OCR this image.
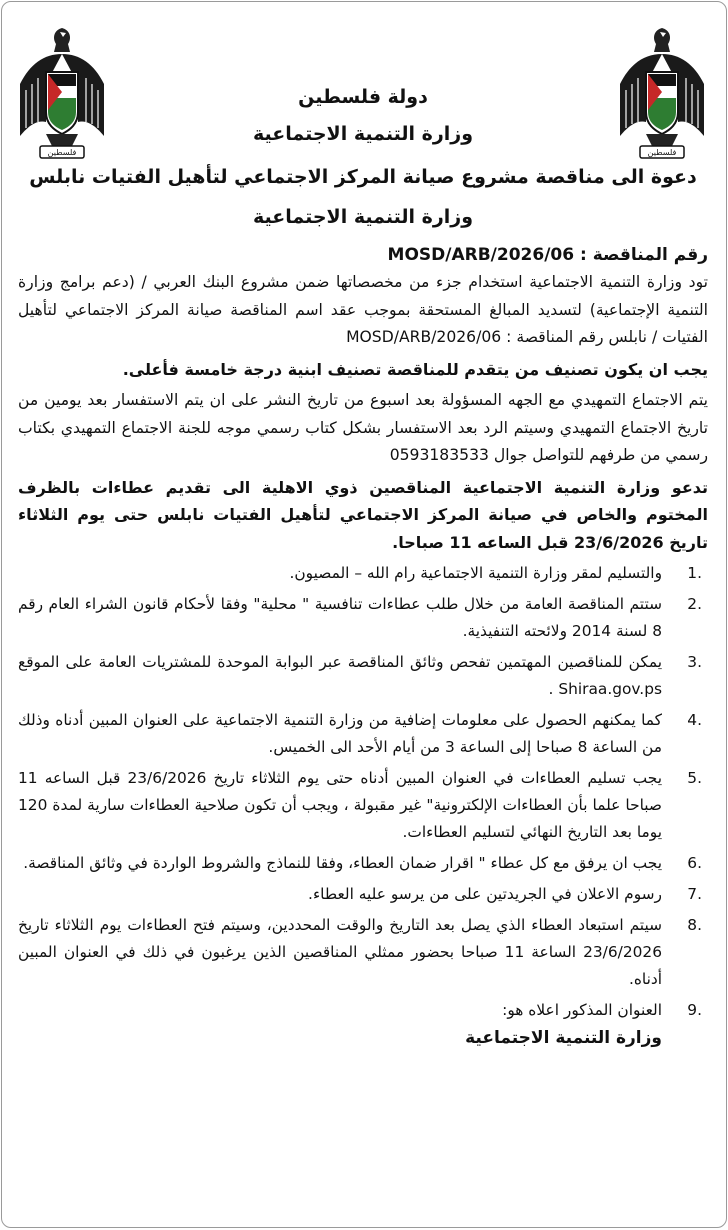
فلسطين
فلسطين
دولة فلسطين
وزارة التنمية الاجتماعية
دعوة الى مناقصة مشروع صيانة المركز الاجتماعي لتأهيل الفتيات نابلس
وزارة التنمية الاجتماعية
رقم المناقصة : MOSD/ARB/2026/06

تود وزارة التنمية الاجتماعية استخدام جزء من مخصصاتها ضمن مشروع البنك العربي / (دعم برامج وزارة التنمية الإجتماعية) لتسديد المبالغ المستحقة بموجب عقد اسم المناقصة صيانة المركز الاجتماعي لتأهيل الفتيات / نابلس رقم المناقصة : MOSD/ARB/2026/06

يجب ان يكون تصنيف من يتقدم للمناقصة تصنيف ابنية درجة خامسة فأعلى.

يتم الاجتماع التمهيدي مع الجهه المسؤولة بعد اسبوع من تاريخ النشر على ان يتم الاستفسار بعد يومين من تاريخ الاجتماع التمهيدي وسيتم الرد بعد الاستفسار بشكل كتاب رسمي موجه للجنة الاجتماع التمهيدي بكتاب رسمي من طرفهم للتواصل جوال 0593183533

تدعو وزارة التنمية الاجتماعية المناقصين ذوي الاهلية الى تقديم عطاءات بالظرف المختوم والخاص في صيانة المركز الاجتماعي لتأهيل الفتيات نابلس حتى يوم الثلاثاء تاريخ 23/6/2026 قبل الساعه 11 صباحا.

.1
والتسليم لمقر وزارة التنمية الاجتماعية رام الله – المصيون.
.2
ستتم المناقصة العامة من خلال طلب عطاءات تنافسية " محلية" وفقا لأحكام قانون الشراء العام رقم 8 لسنة 2014 ولائحته التنفيذية.
.3
يمكن للمناقصين المهتمين تفحص وثائق المناقصة عبر البوابة الموحدة للمشتريات العامة على الموقع Shiraa.gov.ps .
.4
كما يمكنهم الحصول على معلومات إضافية من وزارة التنمية الاجتماعية على العنوان المبين أدناه وذلك من الساعة 8 صباحا إلى الساعة 3 من أيام الأحد الى الخميس.
.5
يجب تسليم العطاءات في العنوان المبين أدناه حتى يوم الثلاثاء تاريخ 23/6/2026 قبل الساعه 11 صباحا علما بأن العطاءات الإلكترونية" غير مقبولة ، ويجب أن تكون صلاحية العطاءات سارية لمدة 120 يوما بعد التاريخ النهائي لتسليم العطاءات.
.6
يجب ان يرفق مع كل عطاء " اقرار ضمان العطاء، وفقا للنماذج والشروط الواردة في وثائق المناقصة.
.7
رسوم الاعلان في الجريدتين على من يرسو عليه العطاء.
.8
سيتم استبعاد العطاء الذي يصل بعد التاريخ والوقت المحددين، وسيتم فتح العطاءات يوم الثلاثاء تاريخ 23/6/2026 الساعة 11 صباحا بحضور ممثلي المناقصين الذين يرغبون في ذلك في العنوان المبين أدناه.
.9
العنوان المذكور اعلاه هو:
وزارة التنمية الاجتماعية
